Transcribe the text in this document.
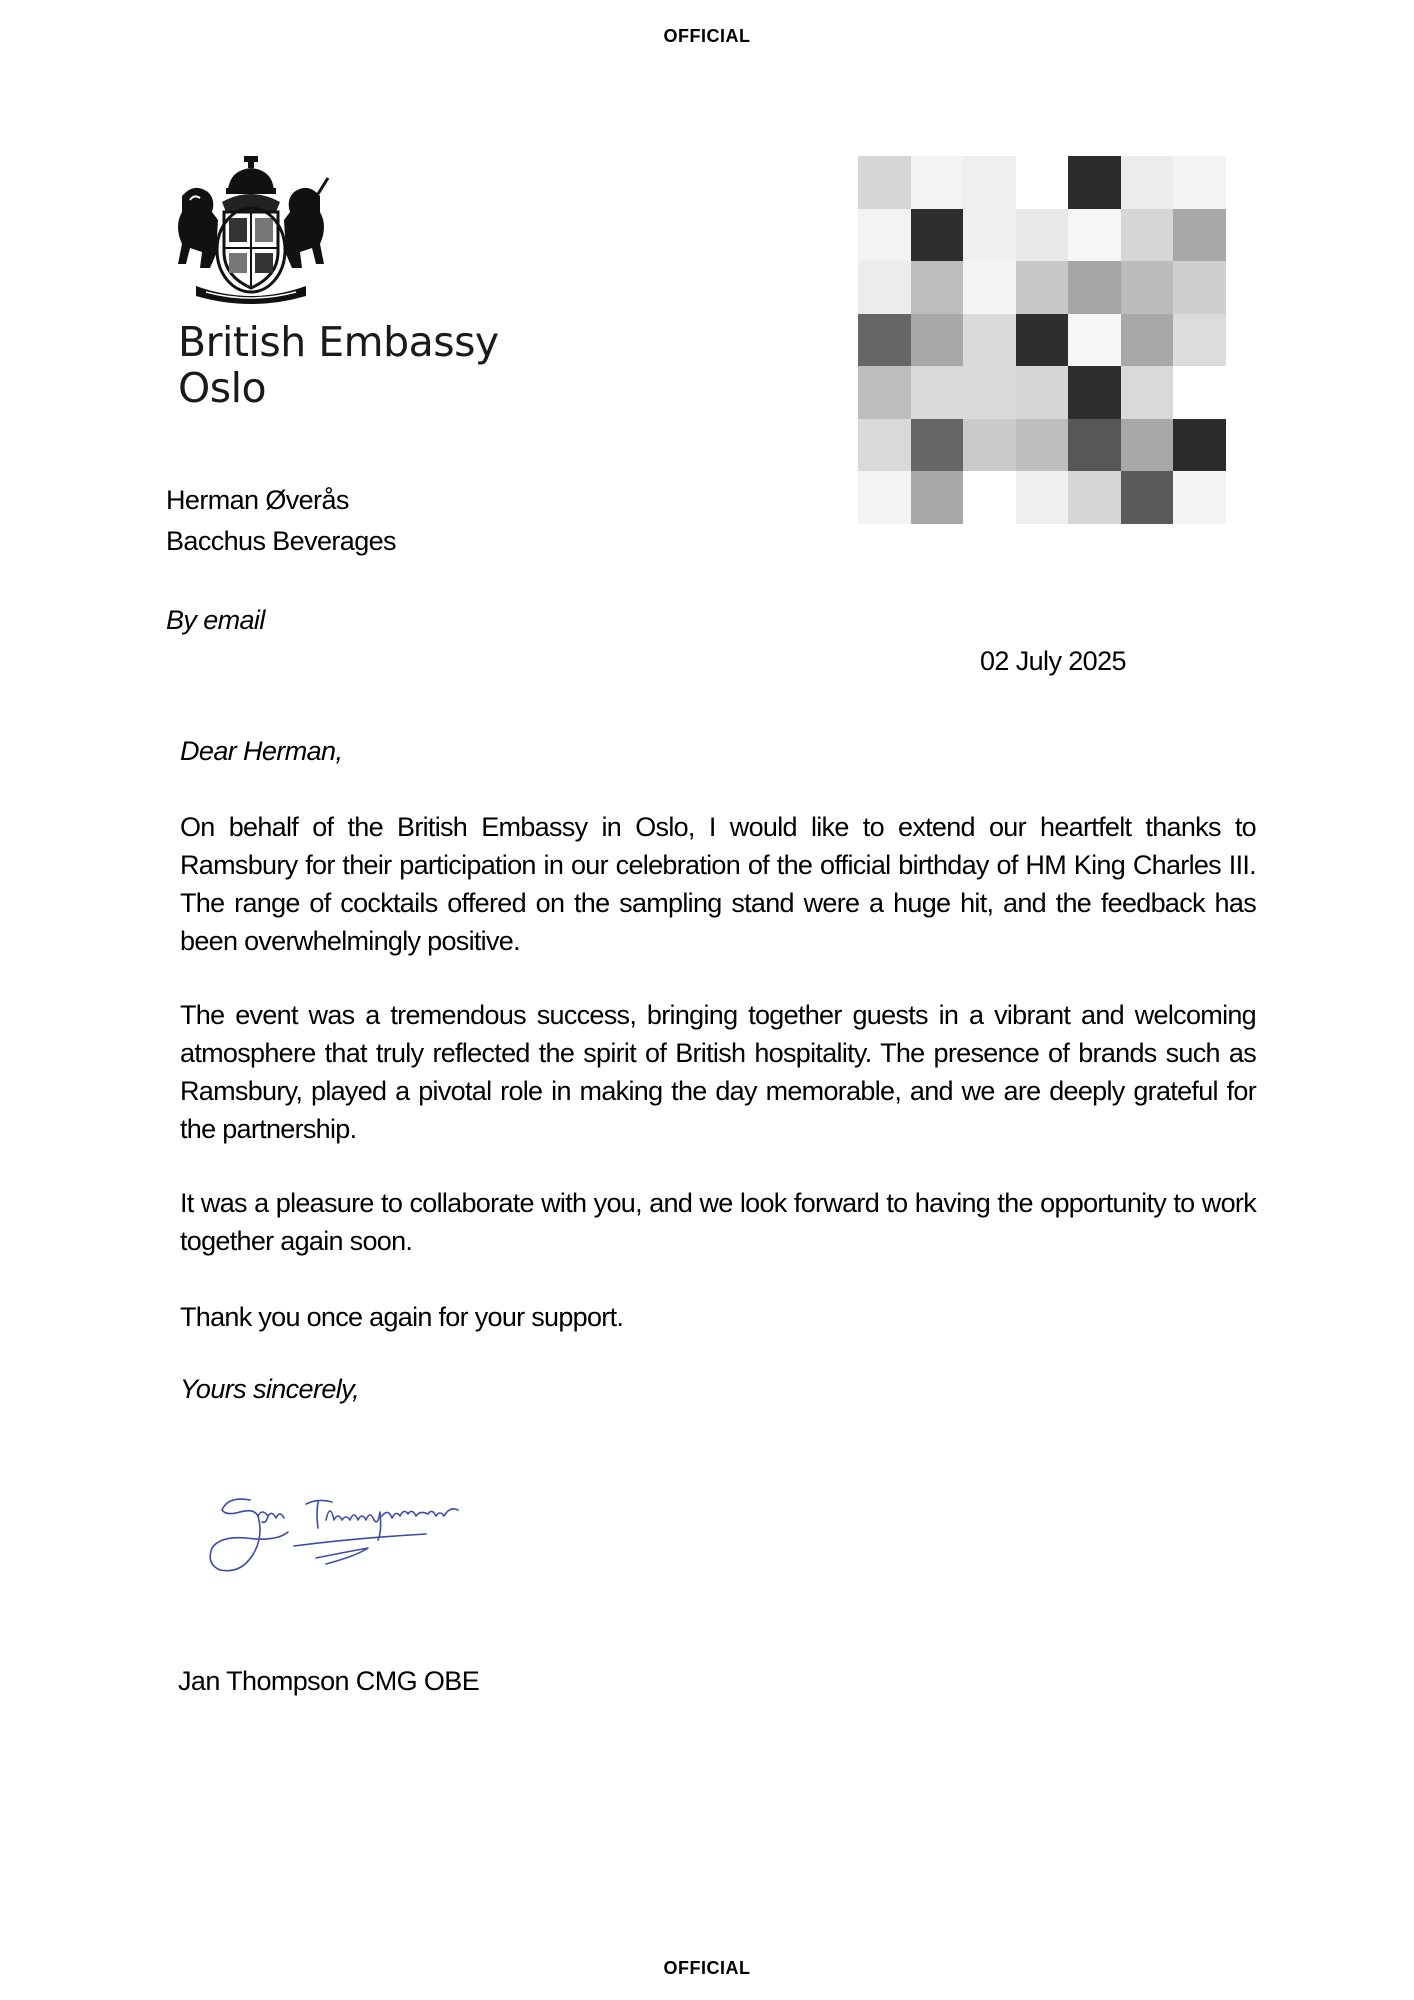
OFFICIAL
British Embassy
Oslo
Herman Øverås
Bacchus Beverages
By email
02 July 2025
Dear Herman,
On behalf of the British Embassy in Oslo, I would like to extend our heartfelt thanks to Ramsbury for their participation in our celebration of the official birthday of HM King Charles III. The range of cocktails offered on the sampling stand were a huge hit, and the feedback has been overwhelmingly positive.
The event was a tremendous success, bringing together guests in a vibrant and welcoming atmosphere that truly reflected the spirit of British hospitality. The presence of brands such as Ramsbury, played a pivotal role in making the day memorable, and we are deeply grateful for the partnership.
It was a pleasure to collaborate with you, and we look forward to having the opportunity to work together again soon.
Thank you once again for your support.
Yours sincerely,
Jan Thompson CMG OBE
OFFICIAL
